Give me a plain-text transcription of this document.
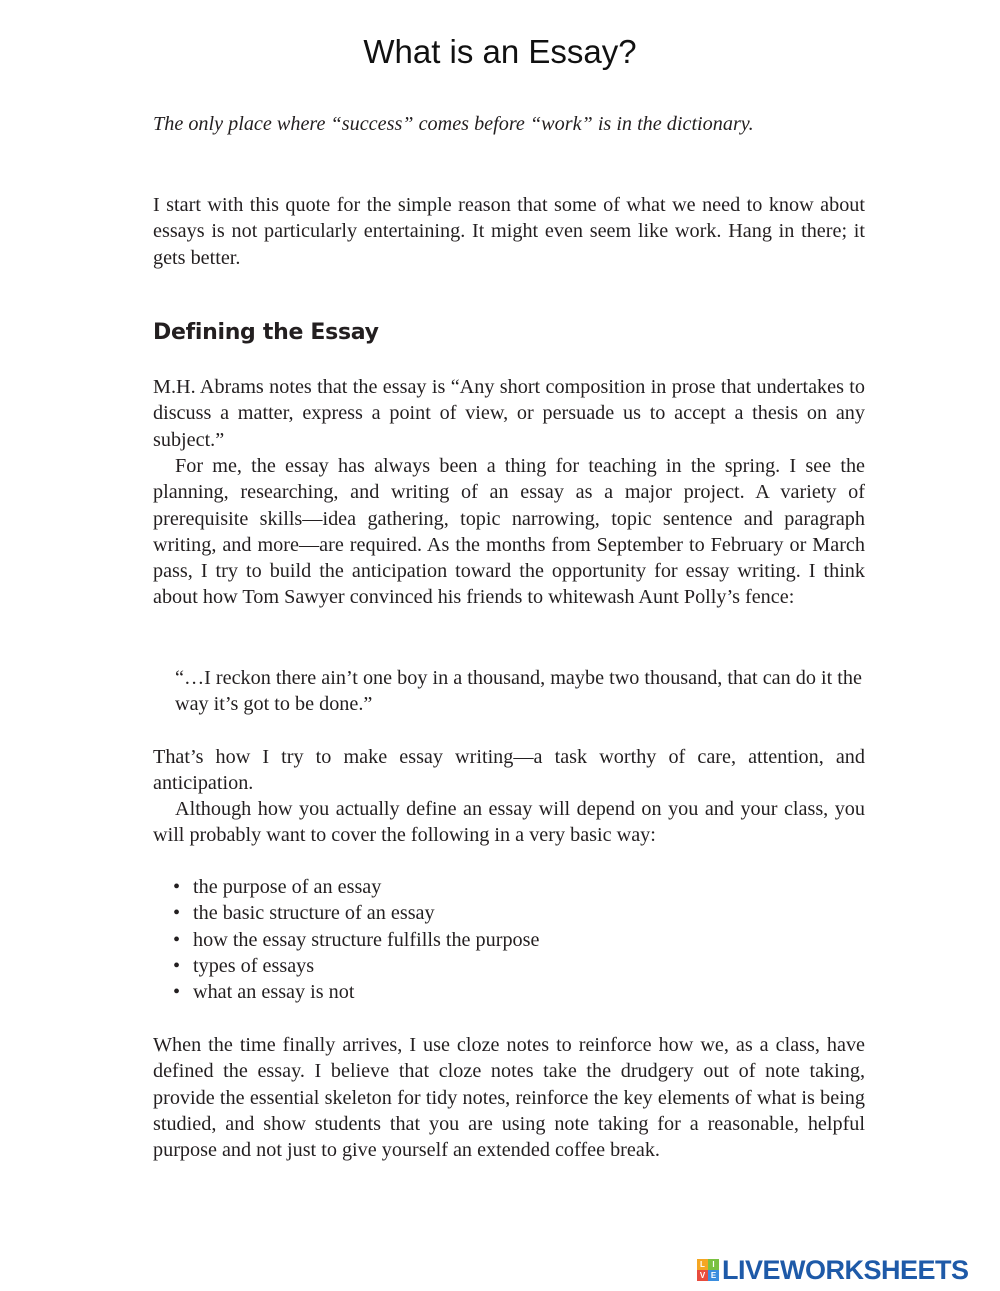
What is an Essay?

The only place where “success” comes before “work” is in the dictionary.

I start with this quote for the simple reason that some of what we need to know about essays is not particularly entertaining. It might even seem like work. Hang in there; it gets better.

Defining the Essay

M.H. Abrams notes that the essay is “Any short composition in prose that undertakes to discuss a matter, express a point of view, or persuade us to accept a thesis on any subject.”

For me, the essay has always been a thing for teaching in the spring. I see the planning, researching, and writing of an essay as a major project. A variety of prerequisite skills—idea gathering, topic narrowing, topic sentence and paragraph writing, and more—are required. As the months from September to February or March pass, I try to build the anticipation toward the opportunity for essay writing. I think about how Tom Sawyer convinced his friends to whitewash Aunt Polly’s fence:

“…I reckon there ain’t one boy in a thousand, maybe two thousand, that can do it the way it’s got to be done.”

That’s how I try to make essay writing—a task worthy of care, attention, and anticipation.

Although how you actually define an essay will depend on you and your class, you will probably want to cover the following in a very basic way:

• the purpose of an essay
• the basic structure of an essay
• how the essay structure fulfills the purpose
• types of essays
• what an essay is not

When the time finally arrives, I use cloze notes to reinforce how we, as a class, have defined the essay. I believe that cloze notes take the drudgery out of note taking, provide the essential skeleton for tidy notes, reinforce the key elements of what is being studied, and show students that you are using note taking for a reasonable, helpful purpose and not just to give yourself an extended coffee break.

L I
V E LIVEWORKSHEETS
